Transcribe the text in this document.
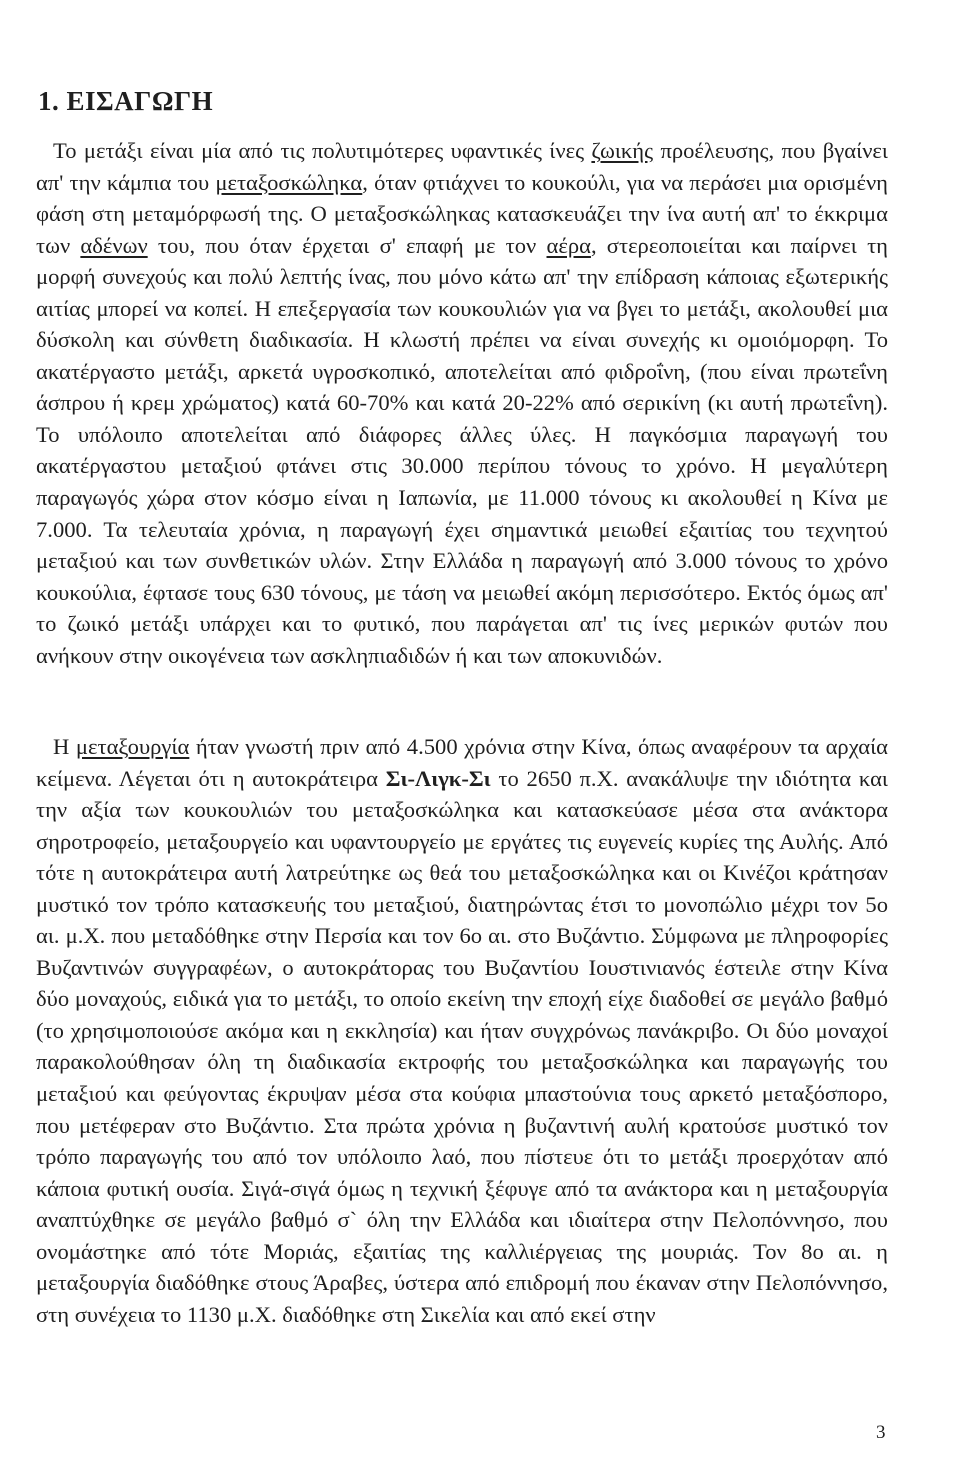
1. ΕΙΣΑΓΩΓΗ

Το μετάξι είναι μία από τις πολυτιμότερες υφαντικές ίνες ζωικής προέλευσης, που βγαίνει απ' την κάμπια του μεταξοσκώληκα, όταν φτιάχνει το κουκούλι, για να περάσει μια ορισμένη φάση στη μεταμόρφωσή της. Ο μεταξοσκώληκας κατασκευάζει την ίνα αυτή απ' το έκκριμα των αδένων του, που όταν έρχεται σ' επαφή με τον αέρα, στερεοποιείται και παίρνει τη μορφή συνεχούς και πολύ λεπτής ίνας, που μόνο κάτω απ' την επίδραση κάποιας εξωτερικής αιτίας μπορεί να κοπεί. Η επεξεργασία των κουκουλιών για να βγει το μετάξι, ακολουθεί μια δύσκολη και σύνθετη διαδικασία. Η κλωστή πρέπει να είναι συνεχής κι ομοιόμορφη. Το ακατέργαστο μετάξι, αρκετά υγροσκοπικό, αποτελείται από φιδροΐνη, (που είναι πρωτεΐνη άσπρου ή κρεμ χρώματος) κατά 60-70% και κατά 20-22% από σερικίνη (κι αυτή πρωτεΐνη). Το υπόλοιπο αποτελείται από διάφορες άλλες ύλες. Η παγκόσμια παραγωγή του ακατέργαστου μεταξιού φτάνει στις 30.000 περίπου τόνους το χρόνο. Η μεγαλύτερη παραγωγός χώρα στον κόσμο είναι η Ιαπωνία, με 11.000 τόνους κι ακολουθεί η Κίνα με 7.000. Τα τελευταία χρόνια, η παραγωγή έχει σημαντικά μειωθεί εξαιτίας του τεχνητού μεταξιού και των συνθετικών υλών. Στην Ελλάδα η παραγωγή από 3.000 τόνους το χρόνο κουκούλια, έφτασε τους 630 τόνους, με τάση να μειωθεί ακόμη περισσότερο. Εκτός όμως απ' το ζωικό μετάξι υπάρχει και το φυτικό, που παράγεται απ' τις ίνες μερικών φυτών που ανήκουν στην οικογένεια των ασκληπιαδιδών ή και των αποκυνιδών.

Η μεταξουργία ήταν γνωστή πριν από 4.500 χρόνια στην Κίνα, όπως αναφέρουν τα αρχαία κείμενα. Λέγεται ότι η αυτοκράτειρα Σι-Λιγκ-Σι το 2650 π.Χ. ανακάλυψε την ιδιότητα και την αξία των κουκουλιών του μεταξοσκώληκα και κατασκεύασε μέσα στα ανάκτορα σηροτροφείο, μεταξουργείο και υφαντουργείο με εργάτες τις ευγενείς κυρίες της Αυλής. Από τότε η αυτοκράτειρα αυτή λατρεύτηκε ως θεά του μεταξοσκώληκα και οι Κινέζοι κράτησαν μυστικό τον τρόπο κατασκευής του μεταξιού, διατηρώντας έτσι το μονοπώλιο μέχρι τον 5ο αι. μ.Χ. που μεταδόθηκε στην Περσία και τον 6ο αι. στο Βυζάντιο. Σύμφωνα με πληροφορίες Βυζαντινών συγγραφέων, ο αυτοκράτορας του Βυζαντίου Ιουστινιανός έστειλε στην Κίνα δύο μοναχούς, ειδικά για το μετάξι, το οποίο εκείνη την εποχή είχε διαδοθεί σε μεγάλο βαθμό (το χρησιμοποιούσε ακόμα και η εκκλησία) και ήταν συγχρόνως πανάκριβο. Οι δύο μοναχοί παρακολούθησαν όλη τη διαδικασία εκτροφής του μεταξοσκώληκα και παραγωγής του μεταξιού και φεύγοντας έκρυψαν μέσα στα κούφια μπαστούνια τους αρκετό μεταξόσπορο, που μετέφεραν στο Βυζάντιο. Στα πρώτα χρόνια η βυζαντινή αυλή κρατούσε μυστικό τον τρόπο παραγωγής του από τον υπόλοιπο λαό, που πίστευε ότι το μετάξι προερχόταν από κάποια φυτική ουσία. Σιγά-σιγά όμως η τεχνική ξέφυγε από τα ανάκτορα και η μεταξουργία αναπτύχθηκε σε μεγάλο βαθμό σ` όλη την Ελλάδα και ιδιαίτερα στην Πελοπόννησο, που ονομάστηκε από τότε Μοριάς, εξαιτίας της καλλιέργειας της μουριάς. Τον 8ο αι. η μεταξουργία διαδόθηκε στους Άραβες, ύστερα από επιδρομή που έκαναν στην Πελοπόννησο, στη συνέχεια το 1130 μ.Χ. διαδόθηκε στη Σικελία και από εκεί στην

3
